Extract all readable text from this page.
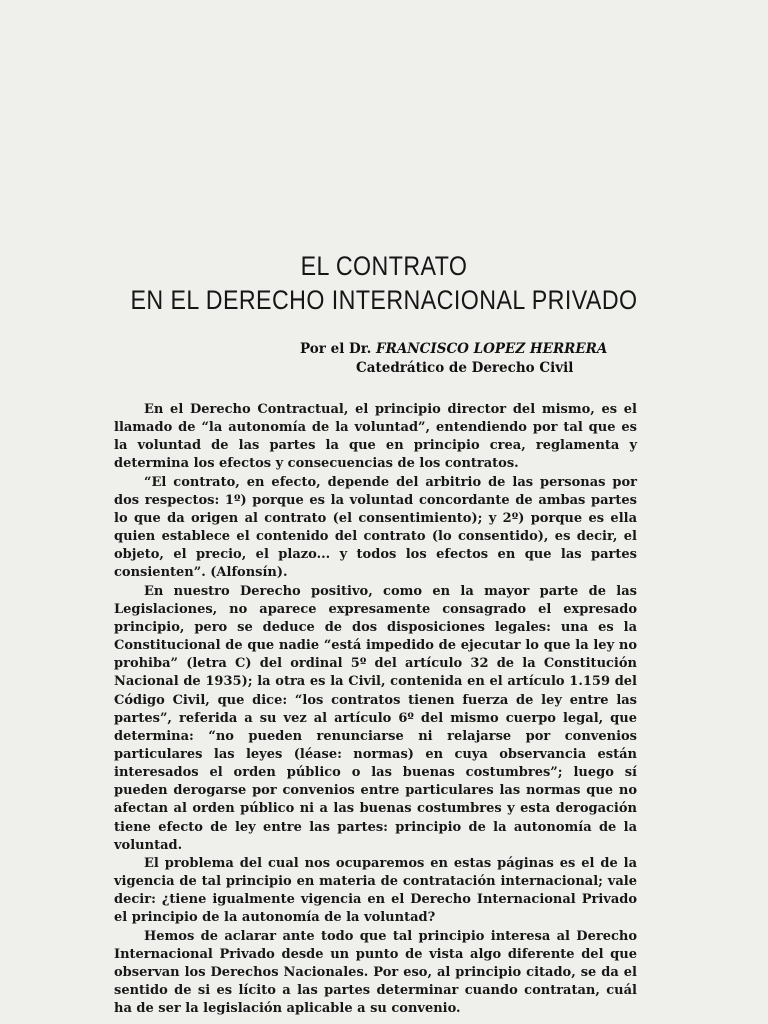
EL CONTRATO
EN EL DERECHO INTERNACIONAL PRIVADO
Por el Dr. FRANCISCO LOPEZ HERRERA
Catedrático de Derecho Civil

En el Derecho Contractual, el principio director del mismo, es el llamado de “la autonomía de la voluntad”, entendiendo por tal que es la voluntad de las partes la que en principio crea, reglamenta y determina los efectos y consecuencias de los contratos.

“El contrato, en efecto, depende del arbitrio de las personas por dos respectos: 1º) porque es la voluntad concordante de ambas partes lo que da origen al contrato (el consentimiento); y 2º) porque es ella quien establece el contenido del contrato (lo consentido), es decir, el objeto, el precio, el plazo... y todos los efectos en que las partes consienten”. (Alfonsín).

En nuestro Derecho positivo, como en la mayor parte de las Legislaciones, no aparece expresamente consagrado el expresado principio, pero se deduce de dos disposiciones legales: una es la Constitucional de que nadie “está impedido de ejecutar lo que la ley no prohiba” (letra C) del ordinal 5º del artículo 32 de la Constitución Nacional de 1935); la otra es la Civil, contenida en el artículo 1.159 del Código Civil, que dice: “los contratos tienen fuerza de ley entre las partes”, referida a su vez al artículo 6º del mismo cuerpo legal, que determina: “no pueden renunciarse ni relajarse por convenios particulares las leyes (léase: normas) en cuya observancia están interesados el orden público o las buenas costumbres”; luego sí pueden derogarse por convenios entre particulares las normas que no afectan al orden público ni a las buenas costumbres y esta derogación tiene efecto de ley entre las partes: principio de la autonomía de la voluntad.

El problema del cual nos ocuparemos en estas páginas es el de la vigencia de tal principio en materia de contratación internacional; vale decir: ¿tiene igualmente vigencia en el Derecho Internacional Privado el principio de la autonomía de la voluntad?

Hemos de aclarar ante todo que tal principio interesa al Derecho Internacional Privado desde un punto de vista algo diferente del que observan los Derechos Nacionales. Por eso, al principio citado, se da el sentido de si es lícito a las partes determinar cuando contratan, cuál ha de ser la legislación aplicable a su convenio.
